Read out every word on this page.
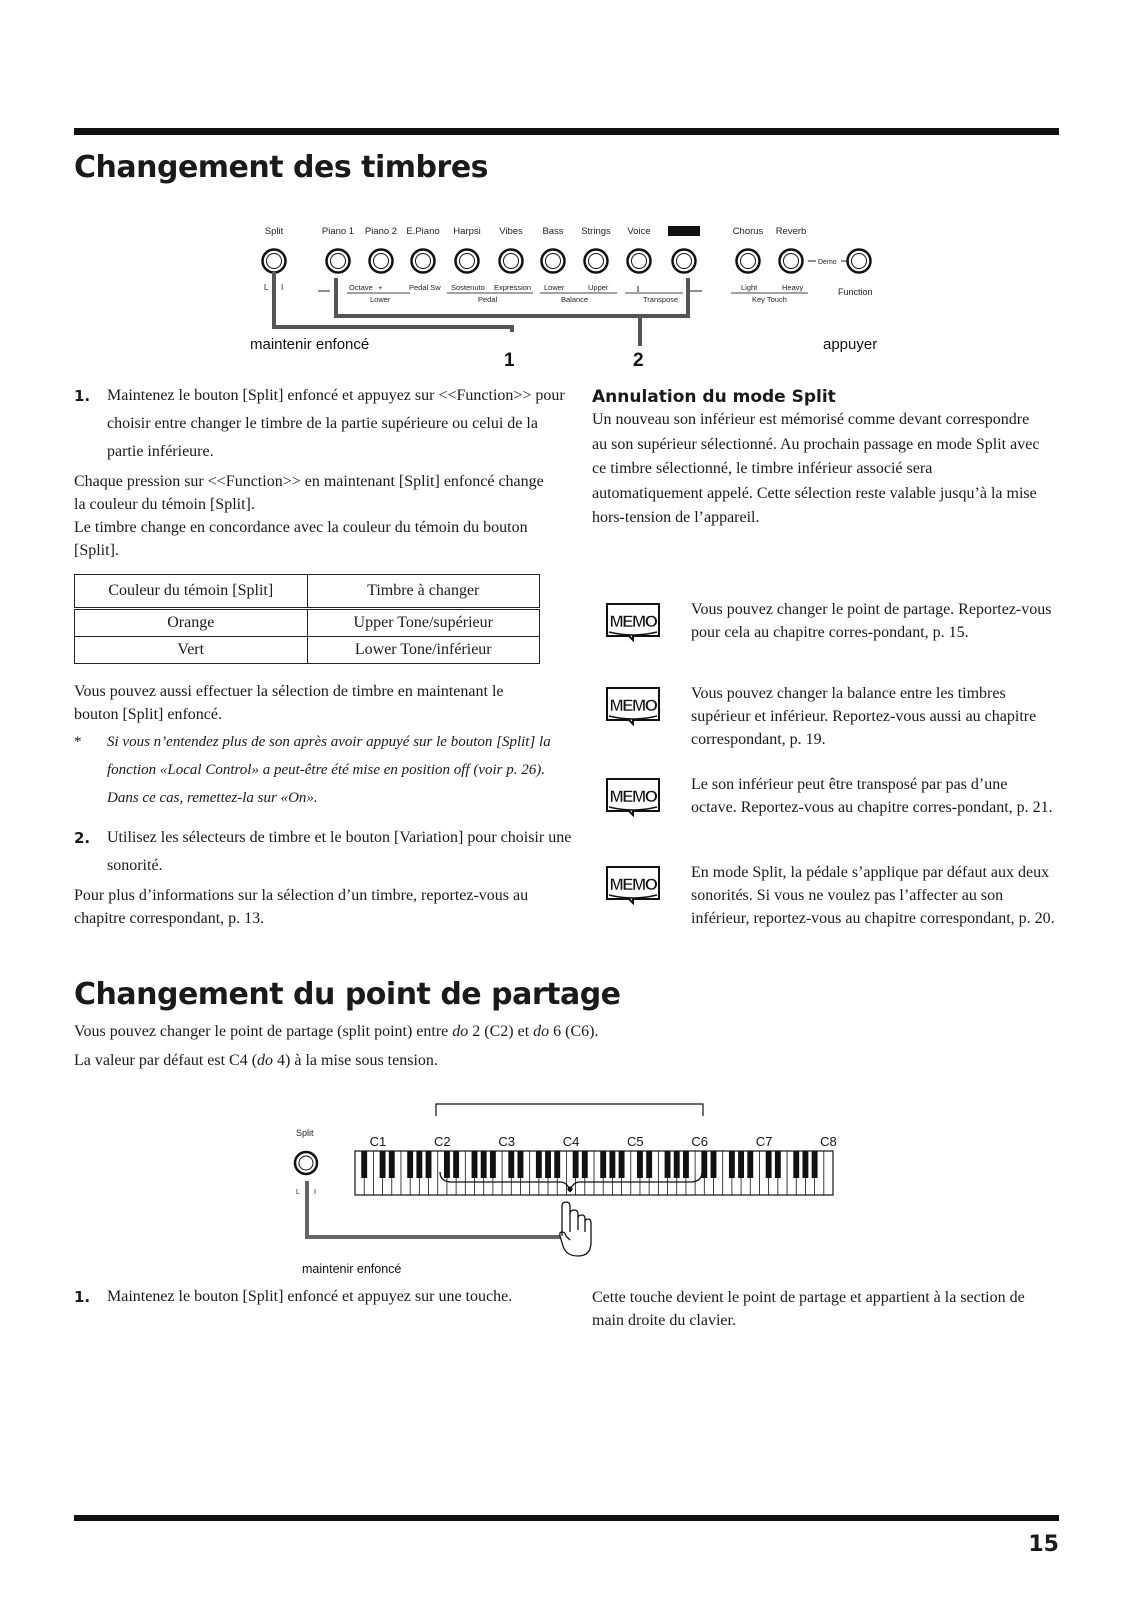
Changement des timbres
Split	Piano 1 Piano 2 E.Piano Harpsi Vibes Bass Strings Voice	Chorus Reverb
Demo
L I	Octave +	Pedal Sw Sostenuto Expression Lower	Upper	Light	Heavy
Lower	Pedal	Balance	Transpose	Key Touch
Function
maintenir enfoncé	appuyer
1	2
1. Maintenez le bouton [Split] enfoncé et appuyez sur <<Function>> pour choisir entre changer le timbre de la partie supérieure ou celui de la partie inférieure.

Chaque pression sur <<Function>> en maintenant [Split] enfoncé change la couleur du témoin [Split].

Le timbre change en concordance avec la couleur du témoin du bouton [Split].

Couleur du témoin [Split]	Timbre à changer
Orange	Upper Tone/supérieur
Vert	Lower Tone/inférieur

Vous pouvez aussi effectuer la sélection de timbre en maintenant le bouton [Split] enfoncé.

* Si vous n’entendez plus de son après avoir appuyé sur le bouton [Split] la fonction «Local Control» a peut-être été mise en position off (voir p. 26). Dans ce cas, remettez-la sur «On».
2. Utilisez les sélecteurs de timbre et le bouton [Variation] pour choisir une sonorité.

Pour plus d’informations sur la sélection d’un timbre, reportez-vous au chapitre correspondant, p. 13.

Annulation du mode Split

Un nouveau son inférieur est mémorisé comme devant correspondre au son supérieur sélectionné. Au prochain passage en mode Split avec ce timbre sélectionné, le timbre inférieur associé sera automatiquement appelé. Cette sélection reste valable jusqu’à la mise hors-tension de l’appareil.

MEMO

Vous pouvez changer le point de partage. Reportez-vous pour cela au chapitre corres-pondant, p. 15.

MEMO

Vous pouvez changer la balance entre les timbres supérieur et inférieur. Reportez-vous aussi au chapitre correspondant, p. 19.

MEMO

Le son inférieur peut être transposé par pas d’une octave. Reportez-vous au chapitre corres-pondant, p. 21.

MEMO

En mode Split, la pédale s’applique par défaut aux deux sonorités. Si vous ne voulez pas l’affecter au son inférieur, reportez-vous au chapitre correspondant, p. 20.

Changement du point de partage

Vous pouvez changer le point de partage (split point) entre do 2 (C2) et do 6 (C6).

La valeur par défaut est C4 (do 4) à la mise sous tension.

Split
L I
maintenir enfoncé
C1	C2	C3	C4	C5	C6	C7	C8
1. Maintenez le bouton [Split] enfoncé et appuyez sur une touche.	Cette touche devient le point de partage et appartient à la section de main droite du clavier.

15
